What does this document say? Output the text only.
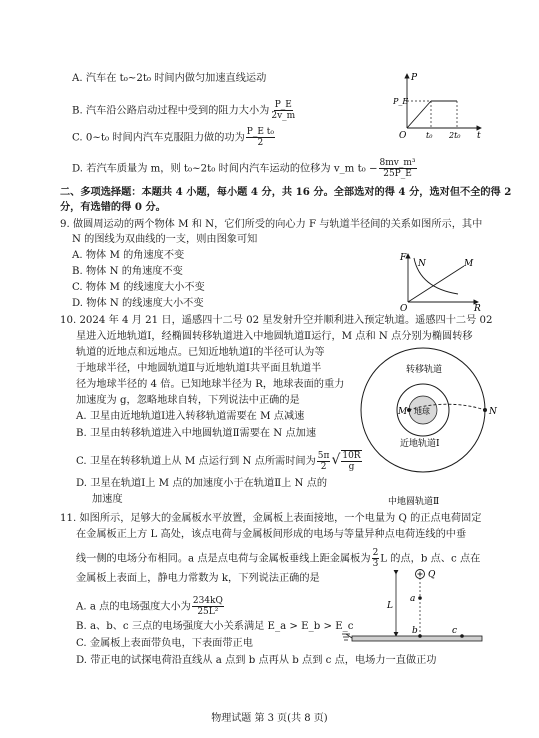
A. 汽车在 t₀~2t₀ 时间内做匀加速直线运动
B. 汽车沿公路启动过程中受到的阻力大小为 $\frac{P\_E}{2v\_m}$
C. 0~t₀ 时间内汽车克服阻力做的功为 $\frac{\text{P\_E t₀}}{2}$
D. 若汽车质量为 m，则 t₀~2t₀ 时间内汽车运动的位移为 v_m $t_0 - \frac{\text{8mv\_m³}}{25P\_E}$
P
t
O
P_E
t₀ 2t₀
二、多项选择题：本题共 4 小题，每小题 4 分，共 16 分。全部选对的得 4 分，选对但不全的得 2
分，有选错的得 0 分。
9. 做圆周运动的两个物体 M 和 N，它们所受的向心力 F 与轨道半径间的关系如图所示，其中
N 的图线为双曲线的一支，则由图象可知
A. 物体 M 的角速度不变
B. 物体 N 的角速度不变
C. 物体 M 的线速度大小不变
D. 物体 N 的线速度大小不变
F
R
O
N	M
10. 2024 年 4 月 21 日，遥感四十二号 02 星发射升空并顺利进入预定轨道。遥感四十二号 02
星进入近地轨道Ⅰ，经椭圆转移轨道进入中地圆轨道Ⅱ运行，M 点和 N 点分别为椭圆转移
轨道的近地点和远地点。已知近地轨道Ⅰ的半径可认为等
于地球半径，中地圆轨道Ⅱ与近地轨道Ⅰ共平面且轨道半
径为地球半径的 4 倍。已知地球半径为 R，地球表面的重力
加速度为 g，忽略地球自转，下列说法中正确的是
A. 卫星由近地轨道Ⅰ进入转移轨道需要在 M 点减速
B. 卫星由转移轨道进入中地圆轨道Ⅱ需要在 N 点加速
C. 卫星在转移轨道上从 M 点运行到 N 点所需时间为 $\frac{5\pi}{2}$ √ $\frac{10R}{g}$
D. 卫星在轨道Ⅰ上 M 点的加速度小于在轨道Ⅱ上 N 点的
加速度
M	N
转移轨道
地球
近地轨道Ⅰ
中地圆轨道Ⅱ
11. 如图所示，足够大的金属板水平放置，金属板上表面接地，一个电量为 Q 的正点电荷固定
在金属板正上方 L 高处，该点电荷与金属板间形成的电场与等量异种点电荷连线的中垂
线一侧的电场分布相同。a 点是点电荷与金属板垂线上距金属板为 $\frac{2}{3}$ L 的点，b 点、c 点在
金属板上表面上，静电力常数为 k，下列说法正确的是
A. a 点的电场强度大小为 $\frac{234kQ}{\text{25L²}}$
B. a、b、c 三点的电场强度大小关系满足 E_a > E_b > E_c
C. 金属板上表面带负电，下表面带正电
D. 带正电的试探电荷沿直线从 a 点到 b 点再从 b 点到 c 点，电场力一直做正功
Q
a
L
b	c
物理试题 第 3 页(共 8 页)
